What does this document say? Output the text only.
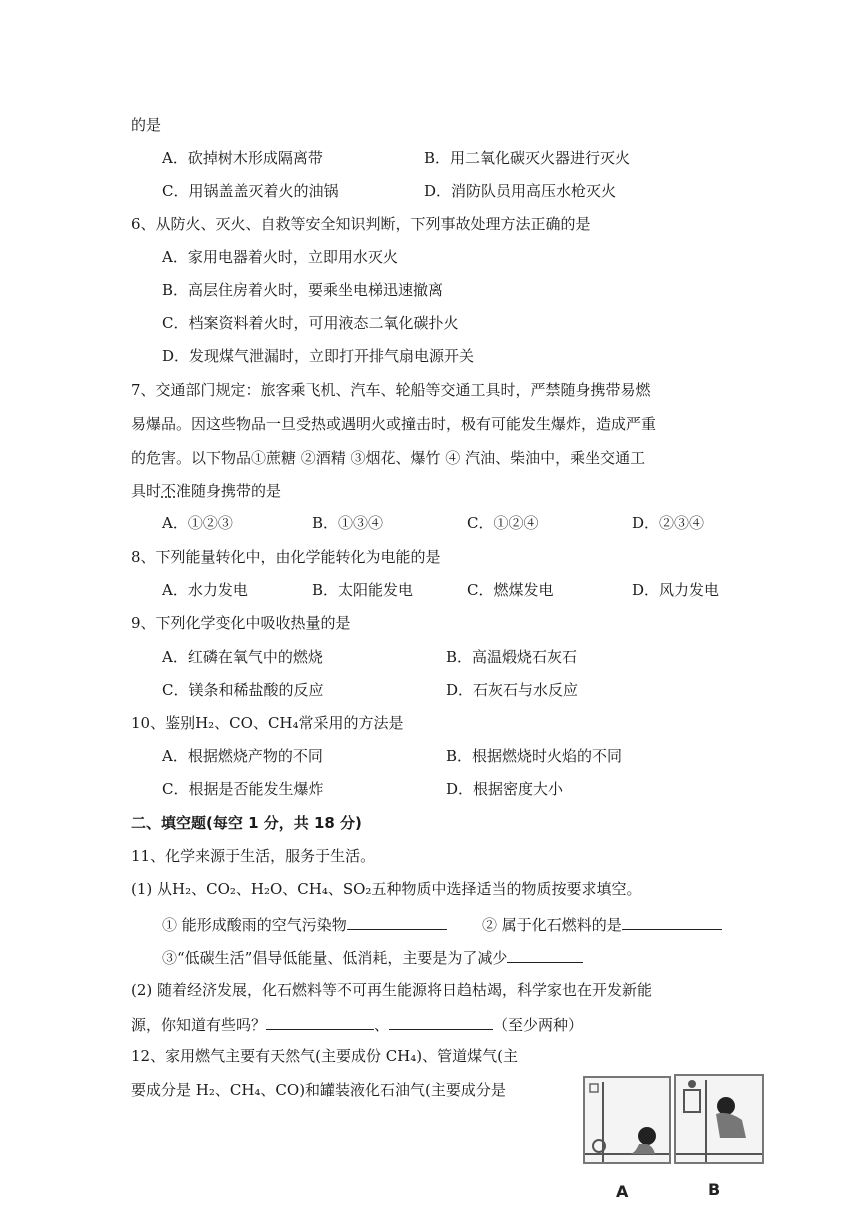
的是
A．砍掉树木形成隔离带	B．用二氧化碳灭火器进行灭火
C．用锅盖盖灭着火的油锅	D．消防队员用高压水枪灭火
6、从防火、灭火、自救等安全知识判断，下列事故处理方法正确的是
A．家用电器着火时，立即用水灭火
B．高层住房着火时，要乘坐电梯迅速撤离
C．档案资料着火时，可用液态二氧化碳扑火
D．发现煤气泄漏时，立即打开排气扇电源开关
7、交通部门规定：旅客乘飞机、汽车、轮船等交通工具时，严禁随身携带易燃
易爆品。因这些物品一旦受热或遇明火或撞击时，极有可能发生爆炸，造成严重
的危害。以下物品①蔗糖 ②酒精 ③烟花、爆竹 ④ 汽油、柴油中，乘坐交通工
具时不准随身携带的是
A．①②③	B．①③④	C．①②④	D．②③④
8、下列能量转化中，由化学能转化为电能的是
A．水力发电	B．太阳能发电	C．燃煤发电	D．风力发电
9、下列化学变化中吸收热量的是
A．红磷在氧气中的燃烧	B．高温煅烧石灰石
C．镁条和稀盐酸的反应	D．石灰石与水反应
10、鉴别H₂、CO、CH₄常采用的方法是
A．根据燃烧产物的不同	B．根据燃烧时火焰的不同
C．根据是否能发生爆炸	D．根据密度大小
二、填空题(每空 1 分，共 18 分)
11、化学来源于生活，服务于生活。
(1) 从H₂、CO₂、H₂O、CH₄、SO₂五种物质中选择适当的物质按要求填空。
① 能形成酸雨的空气污染物	② 属于化石燃料的是
③“低碳生活”倡导低能量、低消耗，主要是为了减少
(2) 随着经济发展，化石燃料等不可再生能源将日趋枯竭，科学家也在开发新能
源，你知道有些吗？	、	（至少两种）
12、家用燃气主要有天然气(主要成份 CH₄)、管道煤气(主
要成分是 H₂、CH₄、CO)和罐装液化石油气(主要成分是
A	B
